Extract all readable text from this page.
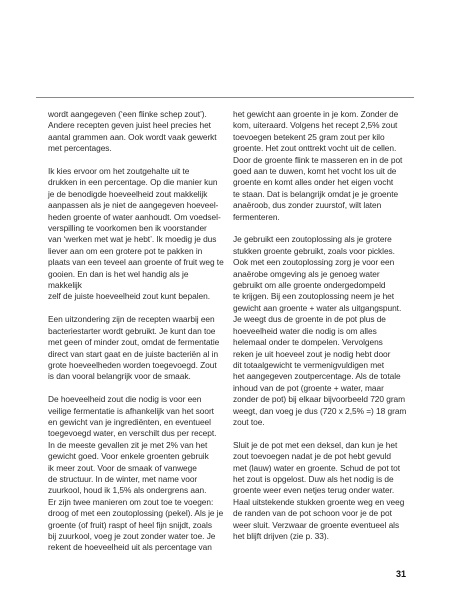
wordt aangegeven (‘een flinke schep zout’).
Andere recepten geven juist heel precies het
aantal grammen aan. Ook wordt vaak gewerkt
met percentages.

Ik kies ervoor om het zoutgehalte uit te
drukken in een percentage. Op die manier kun
je de benodigde hoeveelheid zout makkelijk
aanpassen als je niet de aangegeven hoeveel-
heden groente of water aanhoudt. Om voedsel-
verspilling te voorkomen ben ik voorstander
van ‘werken met wat je hebt’. Ik moedig je dus
liever aan om een grotere pot te pakken in
plaats van een teveel aan groente of fruit weg te
gooien. En dan is het wel handig als je makkelijk
zelf de juiste hoeveelheid zout kunt bepalen.

Een uitzondering zijn de recepten waarbij een
bacteriestarter wordt gebruikt. Je kunt dan toe
met geen of minder zout, omdat de fermentatie
direct van start gaat en de juiste bacteriën al in
grote hoeveelheden worden toegevoegd. Zout
is dan vooral belangrijk voor de smaak.

De hoeveelheid zout die nodig is voor een
veilige fermentatie is afhankelijk van het soort
en gewicht van je ingrediënten, en eventueel
toegevoegd water, en verschilt dus per recept.
In de meeste gevallen zit je met 2% van het
gewicht goed. Voor enkele groenten gebruik
ik meer zout. Voor de smaak of vanwege
de structuur. In de winter, met name voor
zuurkool, houd ik 1,5% als ondergrens aan.
Er zijn twee manieren om zout toe te voegen:
droog of met een zoutoplossing (pekel). Als je je
groente (of fruit) raspt of heel fijn snijdt, zoals
bij zuurkool, voeg je zout zonder water toe. Je
rekent de hoeveelheid uit als percentage van

het gewicht aan groente in je kom. Zonder de
kom, uiteraard. Volgens het recept 2,5% zout
toevoegen betekent 25 gram zout per kilo
groente. Het zout onttrekt vocht uit de cellen.
Door de groente flink te masseren en in de pot
goed aan te duwen, komt het vocht los uit de
groente en komt alles onder het eigen vocht
te staan. Dat is belangrijk omdat je je groente
anaëroob, dus zonder zuurstof, wilt laten
fermenteren.

Je gebruikt een zoutoplossing als je grotere
stukken groente gebruikt, zoals voor pickles.
Ook met een zoutoplossing zorg je voor een
anaërobe omgeving als je genoeg water
gebruikt om alle groente ondergedompeld
te krijgen. Bij een zoutoplossing neem je het
gewicht aan groente + water als uitgangspunt.
Je weegt dus de groente in de pot plus de
hoeveelheid water die nodig is om alles
helemaal onder te dompelen. Vervolgens
reken je uit hoeveel zout je nodig hebt door
dit totaalgewicht te vermenigvuldigen met
het aangegeven zoutpercentage. Als de totale
inhoud van de pot (groente + water, maar
zonder de pot) bij elkaar bijvoorbeeld 720 gram
weegt, dan voeg je dus (720 x 2,5% =) 18 gram
zout toe.

Sluit je de pot met een deksel, dan kun je het
zout toevoegen nadat je de pot hebt gevuld
met (lauw) water en groente. Schud de pot tot
het zout is opgelost. Duw als het nodig is de
groente weer even netjes terug onder water.
Haal uitstekende stukken groente weg en veeg
de randen van de pot schoon voor je de pot
weer sluit. Verzwaar de groente eventueel als
het blijft drijven (zie p. 33).

31
